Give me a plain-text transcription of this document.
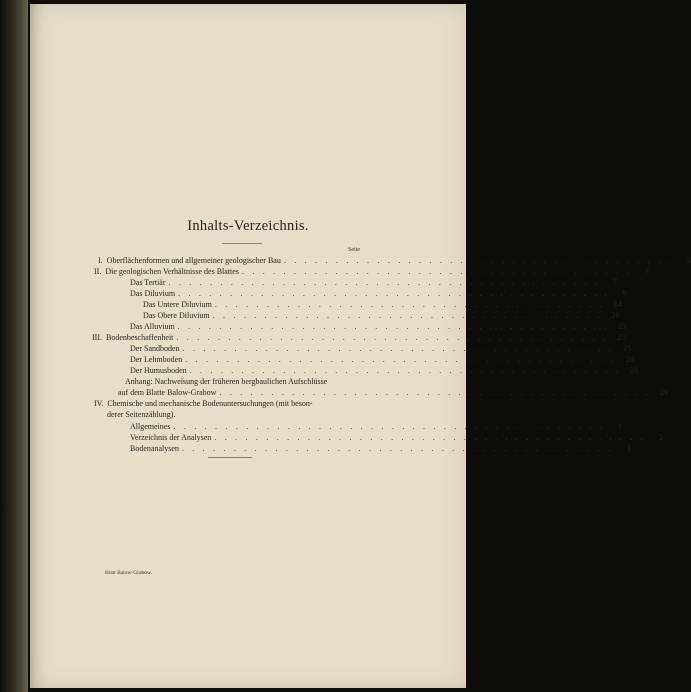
Inhalts-Verzeichnis.
Seite
I. Oberflächenformen und allgemeiner geologischer Bau . . . . . . . . . . . . . . . . . . . . . . . . . . . . . . . . . . . . . .	3
II. Die geologischen Verhältnisse des Blattes . . . . . . . . . . . . . . . . . . . . . . . . . . . . . . . . . . . . . .	7
Das Tertiär . . . . . . . . . . . . . . . . . . . . . . . . . . . . . . . . . . . . . . . . . .	7
Das Diluvium . . . . . . . . . . . . . . . . . . . . . . . . . . . . . . . . . . . . . . . . . .	9
Das Untere Diluvium . . . . . . . . . . . . . . . . . . . . . . . . . . . . . . . . . . . . . .	14
Das Obere Diluvium . . . . . . . . . . . . . . . . . . . . . . . . . . . . . . . . . . . . . .	20
Das Alluvium . . . . . . . . . . . . . . . . . . . . . . . . . . . . . . . . . . . . . . . . . .	23
III. Bodenbeschaffenheit . . . . . . . . . . . . . . . . . . . . . . . . . . . . . . . . . . . . . . . . . .	25
Der Sandboden . . . . . . . . . . . . . . . . . . . . . . . . . . . . . . . . . . . . . . . . . .	25
Der Lehmboden . . . . . . . . . . . . . . . . . . . . . . . . . . . . . . . . . . . . . . . . . .	26
Der Humusboden . . . . . . . . . . . . . . . . . . . . . . . . . . . . . . . . . . . . . . . . . .	28
Anhang: Nachweisung der früheren bergbaulichen Aufschlüsse
auf dem Blatte Balow-Grabow . . . . . . . . . . . . . . . . . . . . . . . . . . . . . . . . . . . . . . . . . .	29
IV. Chemische und mechanische Bodenuntersuchungen (mit beson-
derer Seitenzählung).
Allgemeines . . . . . . . . . . . . . . . . . . . . . . . . . . . . . . . . . . . . . . . . . .	1
Verzeichnis der Analysen . . . . . . . . . . . . . . . . . . . . . . . . . . . . . . . . . . . . . . . . . .	2
Bodenanalysen . . . . . . . . . . . . . . . . . . . . . . . . . . . . . . . . . . . . . . . . . .	3
Blatt Balow-Grabow.
